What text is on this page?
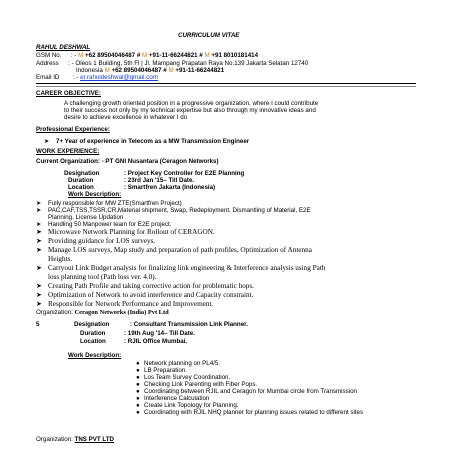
CURRICULUM VITAE
RAHUL DESHWAL
GSM No. : - M +62 89504046487 # M +91-11-66244821 # M +91 8010181414
Address : - Oleos 1 Building, 5th Fl | Jl. Mampang Prapatan Raya No.139 Jakarta Selatan 12740
Indonesia M +62 89504046487 # M +91-11-66244821
Email ID : - er.rahuldeshwal@gmail.com
CAREER OBJECTIVE:
A challenging growth oriented position in a progressive organization, where I could contribute
to their success not only by my technical expertise but also through my innovative ideas and
desire to achieve excellence in whatever I do
Professional Experience:
➤ 7+ Year of experience in Telecom as a MW Transmission Engineer
WORK EXPERIENCE:
Current Organization: - PT GNI Nusantara (Ceragon Networks)
Designation	: Project Key Controller for E2E Planning
Duration	: 23rd Jan '15– Till Date.
Location	: Smartfren Jakarta (Indonesia)
Work Description:
➤ Fully responsible for MW ZTE(Smartfren Project)
➤ PAC,CAF,TSS,TSSR,CR,Material shipment, Swap, Redeployment, Dismantling of Material, E2E
Planning, License Updation
➤ Handling 50 Manpower team for E2E project.
➤ Microwave Network Planning for Rollout of CERAGON.
➤ Providing guidance for LOS surveys.
➤ Manage LOS surveys, Map study and preparation of path profiles, Optimization of Antenna
Heights.
➤ Carryout Link Budget analysis for finalizing link engineering & Interference analysis using Path
loss planning tool (Path loss ver. 4.0).
➤ Creating Path Profile and taking corrective action for problematic hops.
➤ Optimization of Network to avoid interference and Capacity constraint.
➤ Responsible for Network Performance and Improvement.
Organization: Ceragon Networks (India) Pvt Ltd
5	Designation	: Consultant Transmission Link Planner.
Duration	: 19th Aug '14– Till Date.
Location	: RJIL Office Mumbai.
Work Description:
● Network planning on PL4/5.
● LB Preparation.
● Los Team Survey Coordination.
● Checking Link Parenting with Fiber Pops.
● Coordinating between RJIL and Ceragon for Mumbai circle from Transmission
● Interference Calculation
● Create Link Topology for Planning.
● Coordinating with RJIL NHQ planner for planning issues related to different sites
Organization: TNS PVT LTD
